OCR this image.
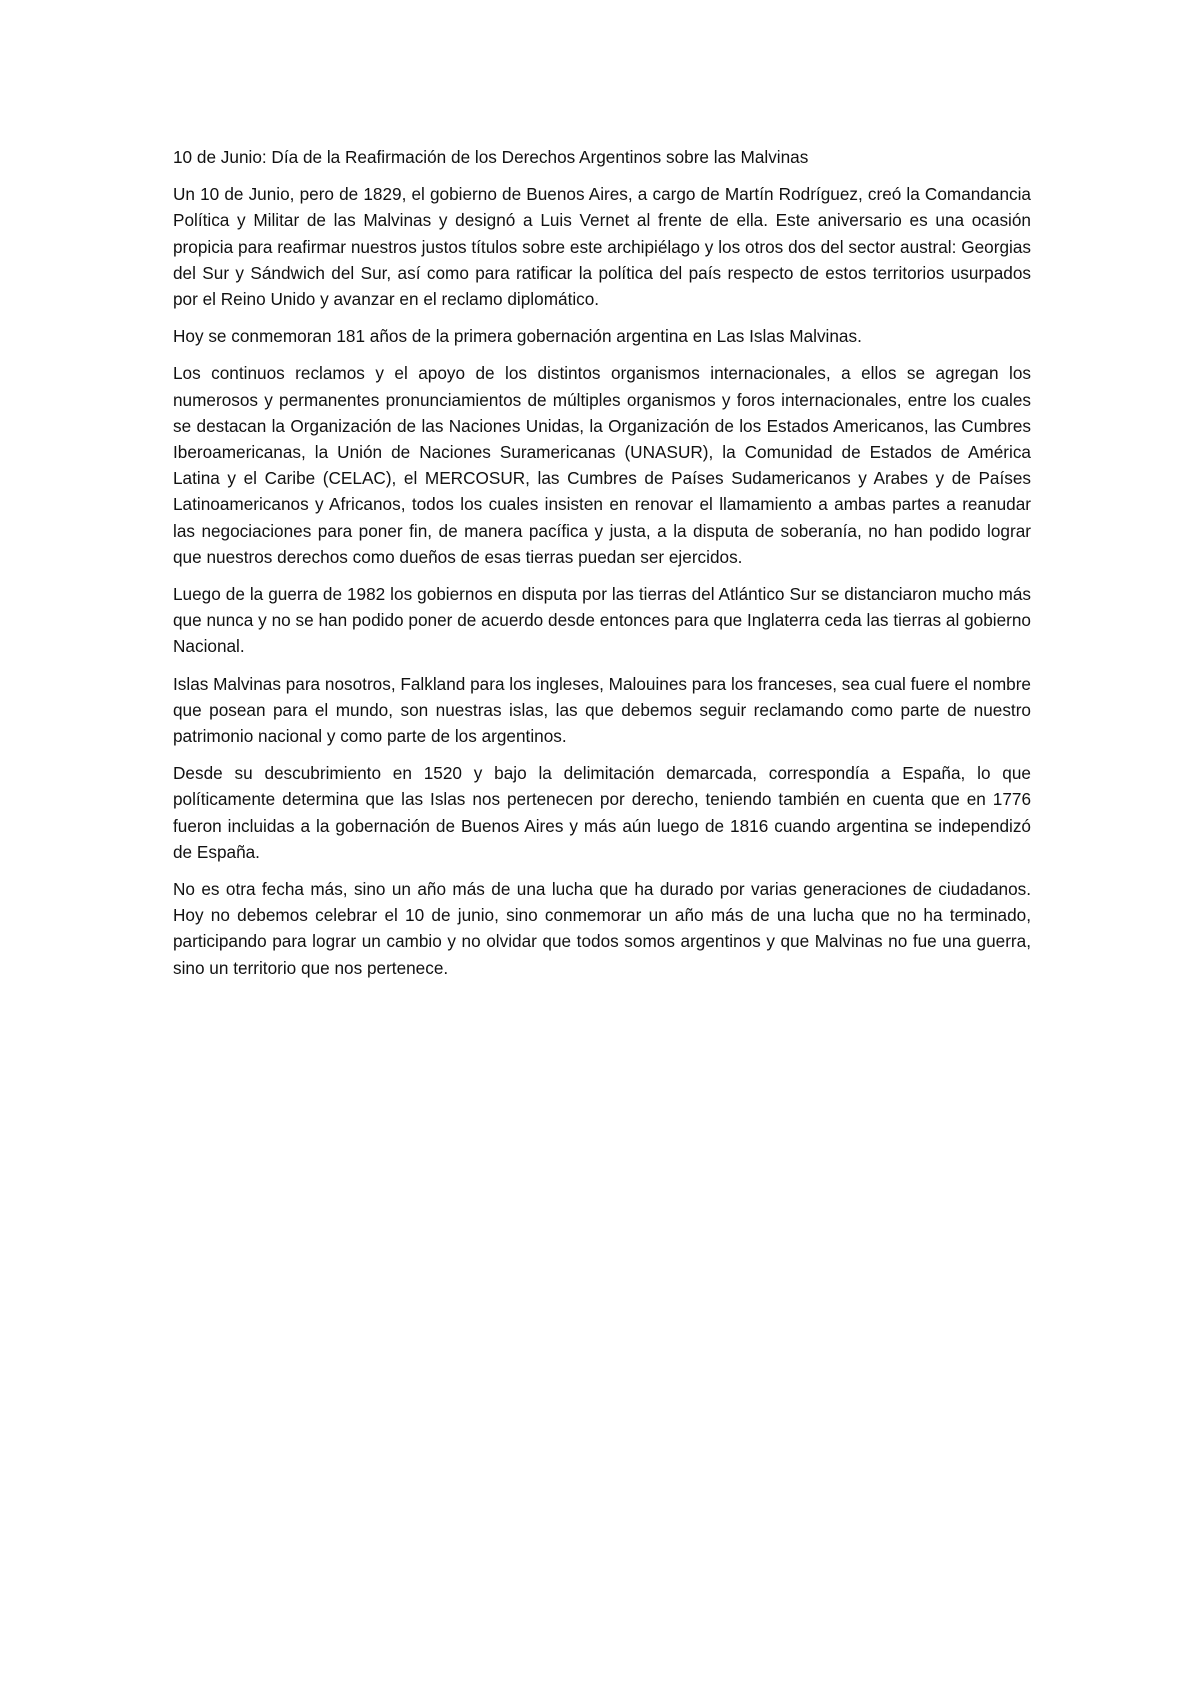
10 de Junio: Día de la Reafirmación de los Derechos Argentinos sobre las Malvinas

Un 10 de Junio, pero de 1829, el gobierno de Buenos Aires, a cargo de Martín Rodríguez, creó la Comandancia Política y Militar de las Malvinas y designó a Luis Vernet al frente de ella. Este aniversario es una ocasión propicia para reafirmar nuestros justos títulos sobre este archipiélago y los otros dos del sector austral: Georgias del Sur y Sándwich del Sur, así como para ratificar la política del país respecto de estos territorios usurpados por el Reino Unido y avanzar en el reclamo diplomático.

Hoy se conmemoran 181 años de la primera gobernación argentina en Las Islas Malvinas.

Los continuos reclamos y el apoyo de los distintos organismos internacionales, a ellos se agregan los numerosos y permanentes pronunciamientos de múltiples organismos y foros internacionales, entre los cuales se destacan la Organización de las Naciones Unidas, la Organización de los Estados Americanos, las Cumbres Iberoamericanas, la Unión de Naciones Suramericanas (UNASUR), la Comunidad de Estados de América Latina y el Caribe (CELAC), el MERCOSUR, las Cumbres de Países Sudamericanos y Arabes y de Países Latinoamericanos y Africanos, todos los cuales insisten en renovar el llamamiento a ambas partes a reanudar las negociaciones para poner fin, de manera pacífica y justa, a la disputa de soberanía, no han podido lograr que nuestros derechos como dueños de esas tierras puedan ser ejercidos.

Luego de la guerra de 1982 los gobiernos en disputa por las tierras del Atlántico Sur se distanciaron mucho más que nunca y no se han podido poner de acuerdo desde entonces para que Inglaterra ceda las tierras al gobierno Nacional.

Islas Malvinas para nosotros, Falkland para los ingleses, Malouines para los franceses, sea cual fuere el nombre que posean para el mundo, son nuestras islas, las que debemos seguir reclamando como parte de nuestro patrimonio nacional y como parte de los argentinos.

Desde su descubrimiento en 1520 y bajo la delimitación demarcada, correspondía a España, lo que políticamente determina que las Islas nos pertenecen por derecho, teniendo también en cuenta que en 1776 fueron incluidas a la gobernación de Buenos Aires y más aún luego de 1816 cuando argentina se independizó de España.

No es otra fecha más, sino un año más de una lucha que ha durado por varias generaciones de ciudadanos. Hoy no debemos celebrar el 10 de junio, sino conmemorar un año más de una lucha que no ha terminado, participando para lograr un cambio y no olvidar que todos somos argentinos y que Malvinas no fue una guerra, sino un territorio que nos pertenece.
